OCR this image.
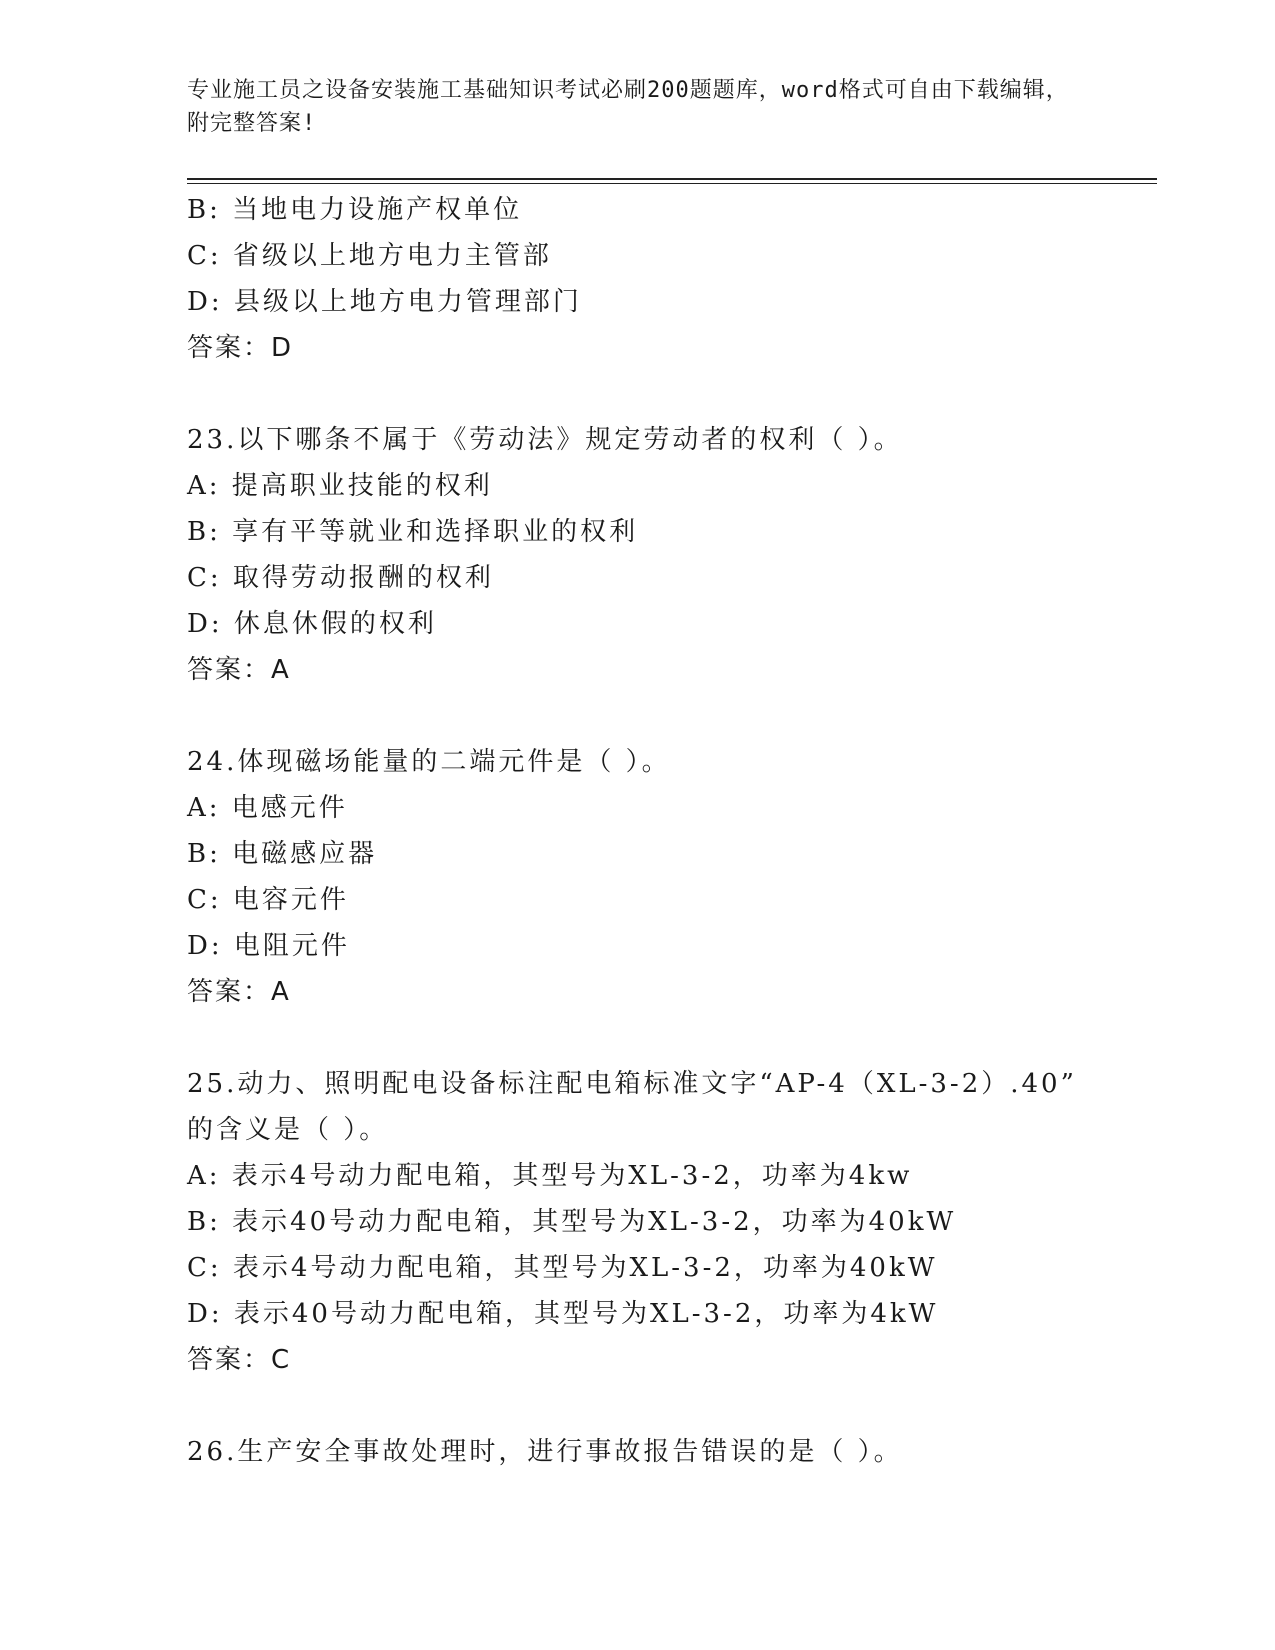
专业施工员之设备安装施工基础知识考试必刷200题题库，word格式可自由下载编辑，附完整答案!
B: 当地电力设施产权单位
C: 省级以上地方电力主管部
D: 县级以上地方电力管理部门
答案：D
23.以下哪条不属于《劳动法》规定劳动者的权利（ ）。
A: 提高职业技能的权利
B: 享有平等就业和选择职业的权利
C: 取得劳动报酬的权利
D: 休息休假的权利
答案：A
24.体现磁场能量的二端元件是（ ）。
A: 电感元件
B: 电磁感应器
C: 电容元件
D: 电阻元件
答案：A
25.动力、照明配电设备标注配电箱标准文字“AP-4（XL-3-2）.40”
的含义是（ ）。
A: 表示4号动力配电箱，其型号为XL-3-2，功率为4kw
B: 表示40号动力配电箱，其型号为XL-3-2，功率为40kW
C: 表示4号动力配电箱，其型号为XL-3-2，功率为40kW
D: 表示40号动力配电箱，其型号为XL-3-2，功率为4kW
答案：C
26.生产安全事故处理时，进行事故报告错误的是（ ）。
